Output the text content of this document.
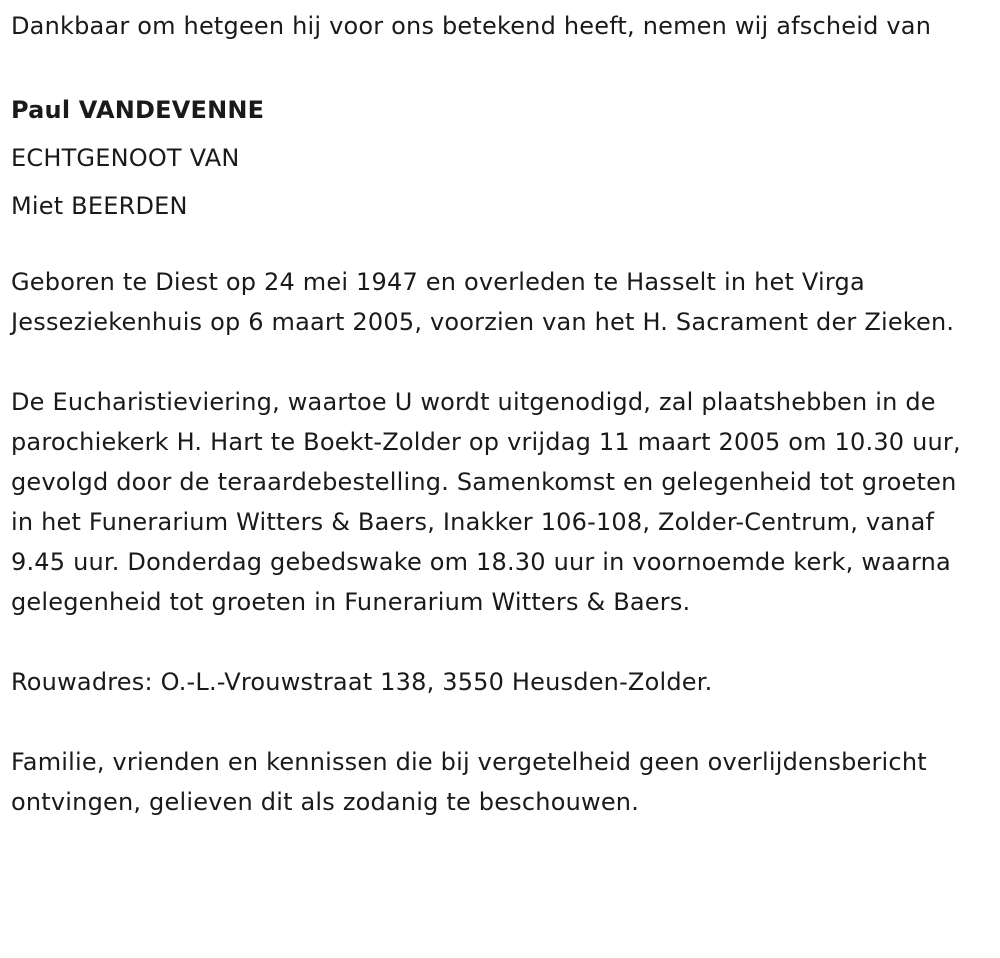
Dankbaar om hetgeen hij voor ons betekend heeft, nemen wij afscheid van

Paul VANDEVENNE

ECHTGENOOT VAN

Miet BEERDEN

Geboren te Diest op 24 mei 1947 en overleden te Hasselt in het Virga Jesseziekenhuis op 6 maart 2005, voorzien van het H. Sacrament der Zieken.

De Eucharistieviering, waartoe U wordt uitgenodigd, zal plaatshebben in de parochiekerk H. Hart te Boekt-Zolder op vrijdag 11 maart 2005 om 10.30 uur, gevolgd door de teraardebestelling. Samenkomst en gelegenheid tot groeten in het Funerarium Witters & Baers, Inakker 106-108, Zolder-Centrum, vanaf 9.45 uur. Donderdag gebedswake om 18.30 uur in voornoemde kerk, waarna gelegenheid tot groeten in Funerarium Witters & Baers.

Rouwadres: O.-L.-Vrouwstraat 138, 3550 Heusden-Zolder.

Familie, vrienden en kennissen die bij vergetelheid geen overlijdensbericht ontvingen, gelieven dit als zodanig te beschouwen.
